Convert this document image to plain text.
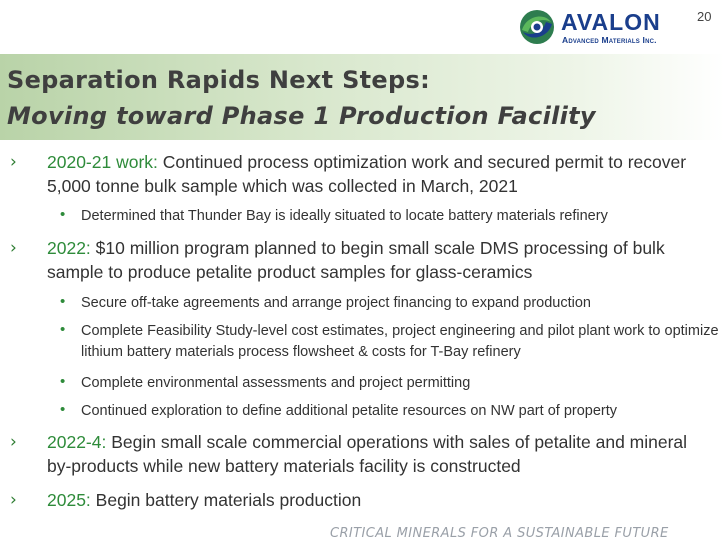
20
AVALON
Advanced Materials Inc.
Separation Rapids Next Steps:
Moving toward Phase 1 Production Facility
› 2020-21 work: Continued process optimization work and secured permit to recover 5,000 tonne bulk sample which was collected in March, 2021
• Determined that Thunder Bay is ideally situated to locate battery materials refinery
› 2022: $10 million program planned to begin small scale DMS processing of bulk sample to produce petalite product samples for glass-ceramics
• Secure off-take agreements and arrange project financing to expand production
• Complete Feasibility Study-level cost estimates, project engineering and pilot plant work to optimize lithium battery materials process flowsheet & costs for T-Bay refinery
• Complete environmental assessments and project permitting
• Continued exploration to define additional petalite resources on NW part of property
› 2022-4: Begin small scale commercial operations with sales of petalite and mineral by-products while new battery materials facility is constructed
› 2025: Begin battery materials production
CRITICAL MINERALS FOR A SUSTAINABLE FUTURE
